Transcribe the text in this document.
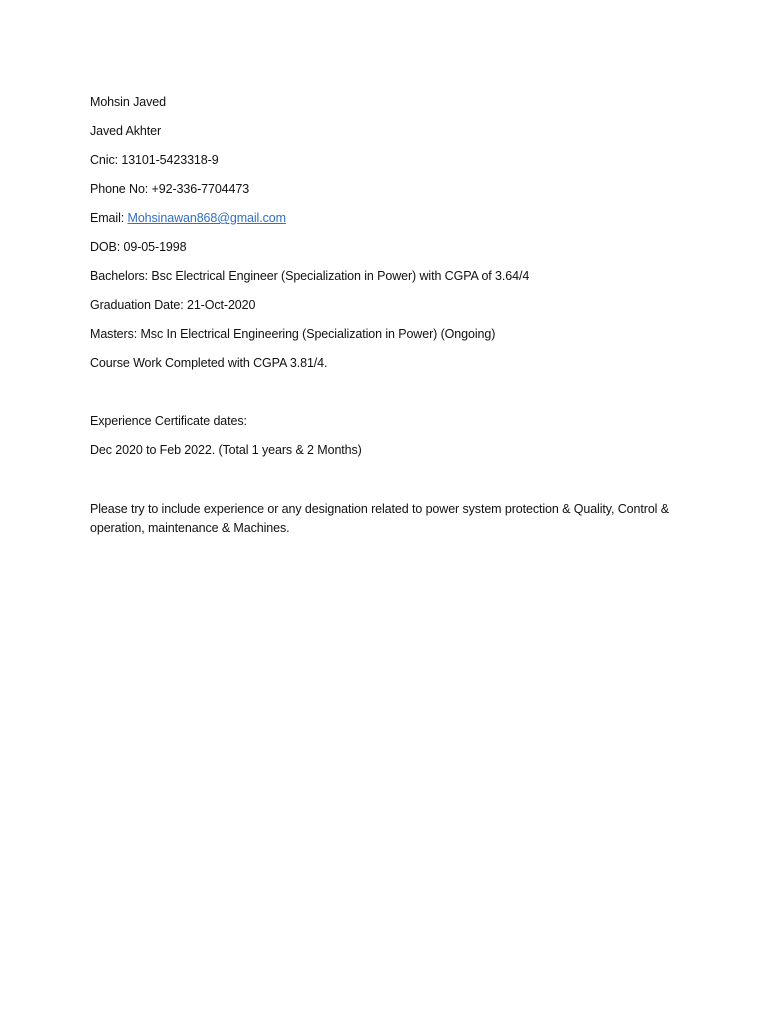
Mohsin Javed
Javed Akhter
Cnic: 13101-5423318-9
Phone No: +92-336-7704473
Email: Mohsinawan868@gmail.com
DOB: 09-05-1998
Bachelors: Bsc Electrical Engineer (Specialization in Power) with CGPA of 3.64/4
Graduation Date: 21-Oct-2020
Masters: Msc In Electrical Engineering (Specialization in Power) (Ongoing)
Course Work Completed with CGPA 3.81/4.
Experience Certificate dates:
Dec 2020 to Feb 2022. (Total 1 years & 2 Months)
Please try to include experience or any designation related to power system protection & Quality, Control & operation, maintenance & Machines.
